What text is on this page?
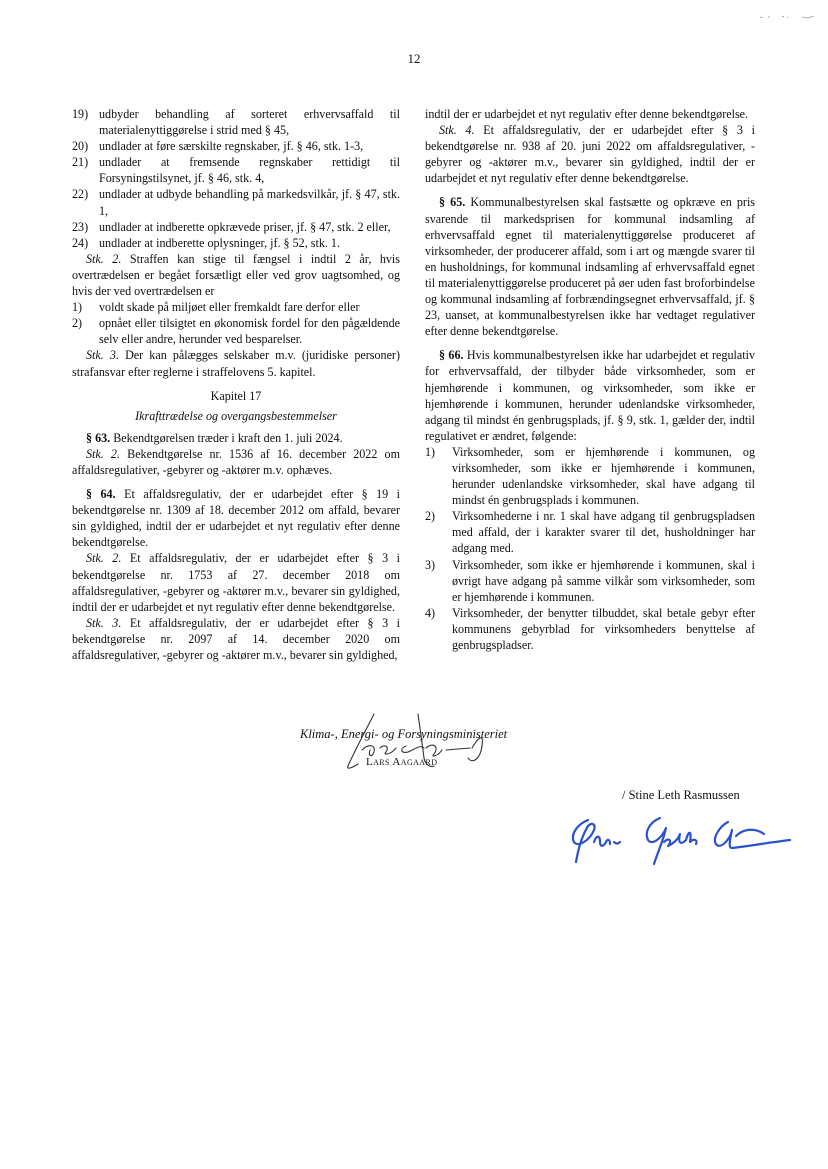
12
19) udbyder behandling af sorteret erhvervsaffald til materialenyttiggørelse i strid med § 45,
20) undlader at føre særskilte regnskaber, jf. § 46, stk. 1-3,
21) undlader at fremsende regnskaber rettidigt til Forsyningstilsynet, jf. § 46, stk. 4,
22) undlader at udbyde behandling på markedsvilkår, jf. § 47, stk. 1,
23) undlader at indberette opkrævede priser, jf. § 47, stk. 2 eller,
24) undlader at indberette oplysninger, jf. § 52, stk. 1.

Stk. 2. Straffen kan stige til fængsel i indtil 2 år, hvis overtrædelsen er begået forsætligt eller ved grov uagtsomhed, og hvis der ved overtrædelsen er

1)	voldt skade på miljøet eller fremkaldt fare derfor eller
2)	opnået eller tilsigtet en økonomisk fordel for den pågældende selv eller andre, herunder ved besparelser.

Stk. 3. Der kan pålægges selskaber m.v. (juridiske personer) strafansvar efter reglerne i straffelovens 5. kapitel.

Kapitel 17

Ikrafttrædelse og overgangsbestemmelser

§ 63. Bekendtgørelsen træder i kraft den 1. juli 2024.

Stk. 2. Bekendtgørelse nr. 1536 af 16. december 2022 om affaldsregulativer, -gebyrer og -aktører m.v. ophæves.

§ 64. Et affaldsregulativ, der er udarbejdet efter § 19 i bekendtgørelse nr. 1309 af 18. december 2012 om affald, bevarer sin gyldighed, indtil der er udarbejdet et nyt regulativ efter denne bekendtgørelse.

Stk. 2. Et affaldsregulativ, der er udarbejdet efter § 3 i bekendtgørelse nr. 1753 af 27. december 2018 om affaldsregulativer, -gebyrer og -aktører m.v., bevarer sin gyldighed, indtil der er udarbejdet et nyt regulativ efter denne bekendtgørelse.

Stk. 3. Et affaldsregulativ, der er udarbejdet efter § 3 i bekendtgørelse nr. 2097 af 14. december 2020 om affaldsregulativer, -gebyrer og -aktører m.v., bevarer sin gyldighed,

indtil der er udarbejdet et nyt regulativ efter denne bekendtgørelse.

Stk. 4. Et affaldsregulativ, der er udarbejdet efter § 3 i bekendtgørelse nr. 938 af 20. juni 2022 om affaldsregulativer, -gebyrer og -aktører m.v., bevarer sin gyldighed, indtil der er udarbejdet et nyt regulativ efter denne bekendtgørelse.

§ 65. Kommunalbestyrelsen skal fastsætte og opkræve en pris svarende til markedsprisen for kommunal indsamling af erhvervsaffald egnet til materialenyttiggørelse produceret af virksomheder, der producerer affald, som i art og mængde svarer til en husholdnings, for kommunal indsamling af erhvervsaffald egnet til materialenyttiggørelse produceret på øer uden fast broforbindelse og kommunal indsamling af forbrændingsegnet erhvervsaffald, jf. § 23, uanset, at kommunalbestyrelsen ikke har vedtaget regulativer efter denne bekendtgørelse.

§ 66. Hvis kommunalbestyrelsen ikke har udarbejdet et regulativ for erhvervsaffald, der tilbyder både virksomheder, som er hjemhørende i kommunen, og virksomheder, som ikke er hjemhørende i kommunen, herunder udenlandske virksomheder, adgang til mindst én genbrugsplads, jf. § 9, stk. 1, gælder der, indtil regulativet er ændret, følgende:

1)	Virksomheder, som er hjemhørende i kommunen, og virksomheder, som ikke er hjemhørende i kommunen, herunder udenlandske virksomheder, skal have adgang til mindst én genbrugsplads i kommunen.
2)	Virksomhederne i nr. 1 skal have adgang til genbrugspladsen med affald, der i karakter svarer til det, husholdninger har adgang med.
3)	Virksomheder, som ikke er hjemhørende i kommunen, skal i øvrigt have adgang på samme vilkår som virksomheder, som er hjemhørende i kommunen.
4)	Virksomheder, der benytter tilbuddet, skal betale gebyr efter kommunens gebyrblad for virksomheders benyttelse af genbrugspladser.
Klima-, Energi- og Forsyningsministeriet
Lars Aagaard
/ Stine Leth Rasmussen
